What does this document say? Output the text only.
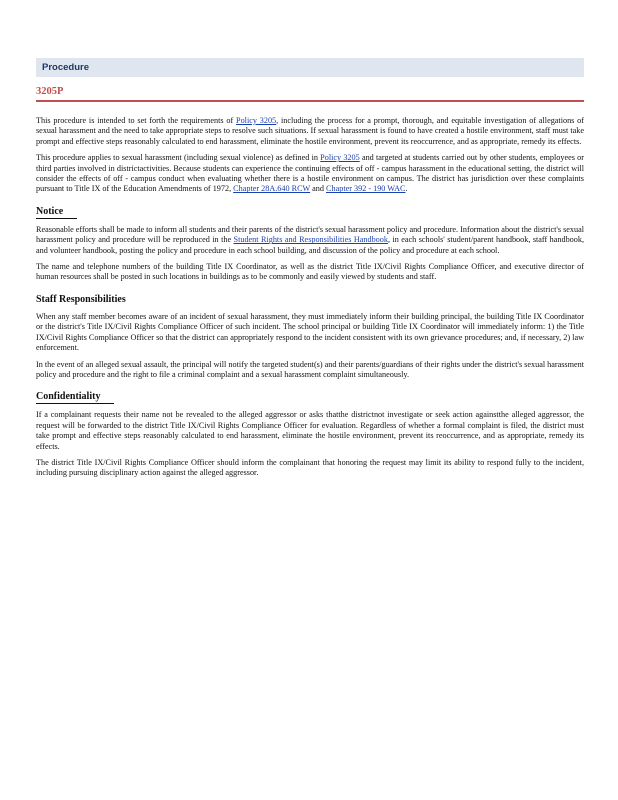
Procedure
3205P

This procedure is intended to set forth the requirements of Policy 3205, including the process for a prompt, thorough, and equitable investigation of allegations of sexual harassment and the need to take appropriate steps to resolve such situations. If sexual harassment is found to have created a hostile environment, staff must take prompt and effective steps reasonably calculated to end harassment, eliminate the hostile environment, prevent its reoccurrence, and as appropriate, remedy its effects.

This procedure applies to sexual harassment (including sexual violence) as defined in Policy 3205 and targeted at students carried out by other students, employees or third parties involved in districtactivities. Because students can experience the continuing effects of off - campus harassment in the educational setting, the district will consider the effects of off - campus conduct when evaluating whether there is a hostile environment on campus. The district has jurisdiction over these complaints pursuant to Title IX of the Education Amendments of 1972, Chapter 28A.640 RCW and Chapter 392 - 190 WAC.

Notice

Reasonable efforts shall be made to inform all students and their parents of the district's sexual harassment policy and procedure. Information about the district's sexual harassment policy and procedure will be reproduced in the Student Rights and Responsibilities Handbook, in each schools' student/parent handbook, staff handbook, and volunteer handbook, posting the policy and procedure in each school building, and discussion of the policy and procedure at each school.

The name and telephone numbers of the building Title IX Coordinator, as well as the district Title IX/Civil Rights Compliance Officer, and executive director of human resources shall be posted in such locations in buildings as to be commonly and easily viewed by students and staff.

Staff Responsibilities

When any staff member becomes aware of an incident of sexual harassment, they must immediately inform their building principal, the building Title IX Coordinator or the district's Title IX/Civil Rights Compliance Officer of such incident. The school principal or building Title IX Coordinator will immediately inform: 1) the Title IX/Civil Rights Compliance Officer so that the district can appropriately respond to the incident consistent with its own grievance procedures; and, if necessary, 2) law enforcement.

In the event of an alleged sexual assault, the principal will notify the targeted student(s) and their parents/guardians of their rights under the district's sexual harassment policy and procedure and the right to file a criminal complaint and a sexual harassment complaint simultaneously.

Confidentiality

If a complainant requests their name not be revealed to the alleged aggressor or asks thatthe districtnot investigate or seek action againstthe alleged aggressor, the request will be forwarded to the district Title IX/Civil Rights Compliance Officer for evaluation. Regardless of whether a formal complaint is filed, the district must take prompt and effective steps reasonably calculated to end harassment, eliminate the hostile environment, prevent its reoccurrence, and as appropriate, remedy its effects.

The district Title IX/Civil Rights Compliance Officer should inform the complainant that honoring the request may limit its ability to respond fully to the incident, including pursuing disciplinary action against the alleged aggressor.
